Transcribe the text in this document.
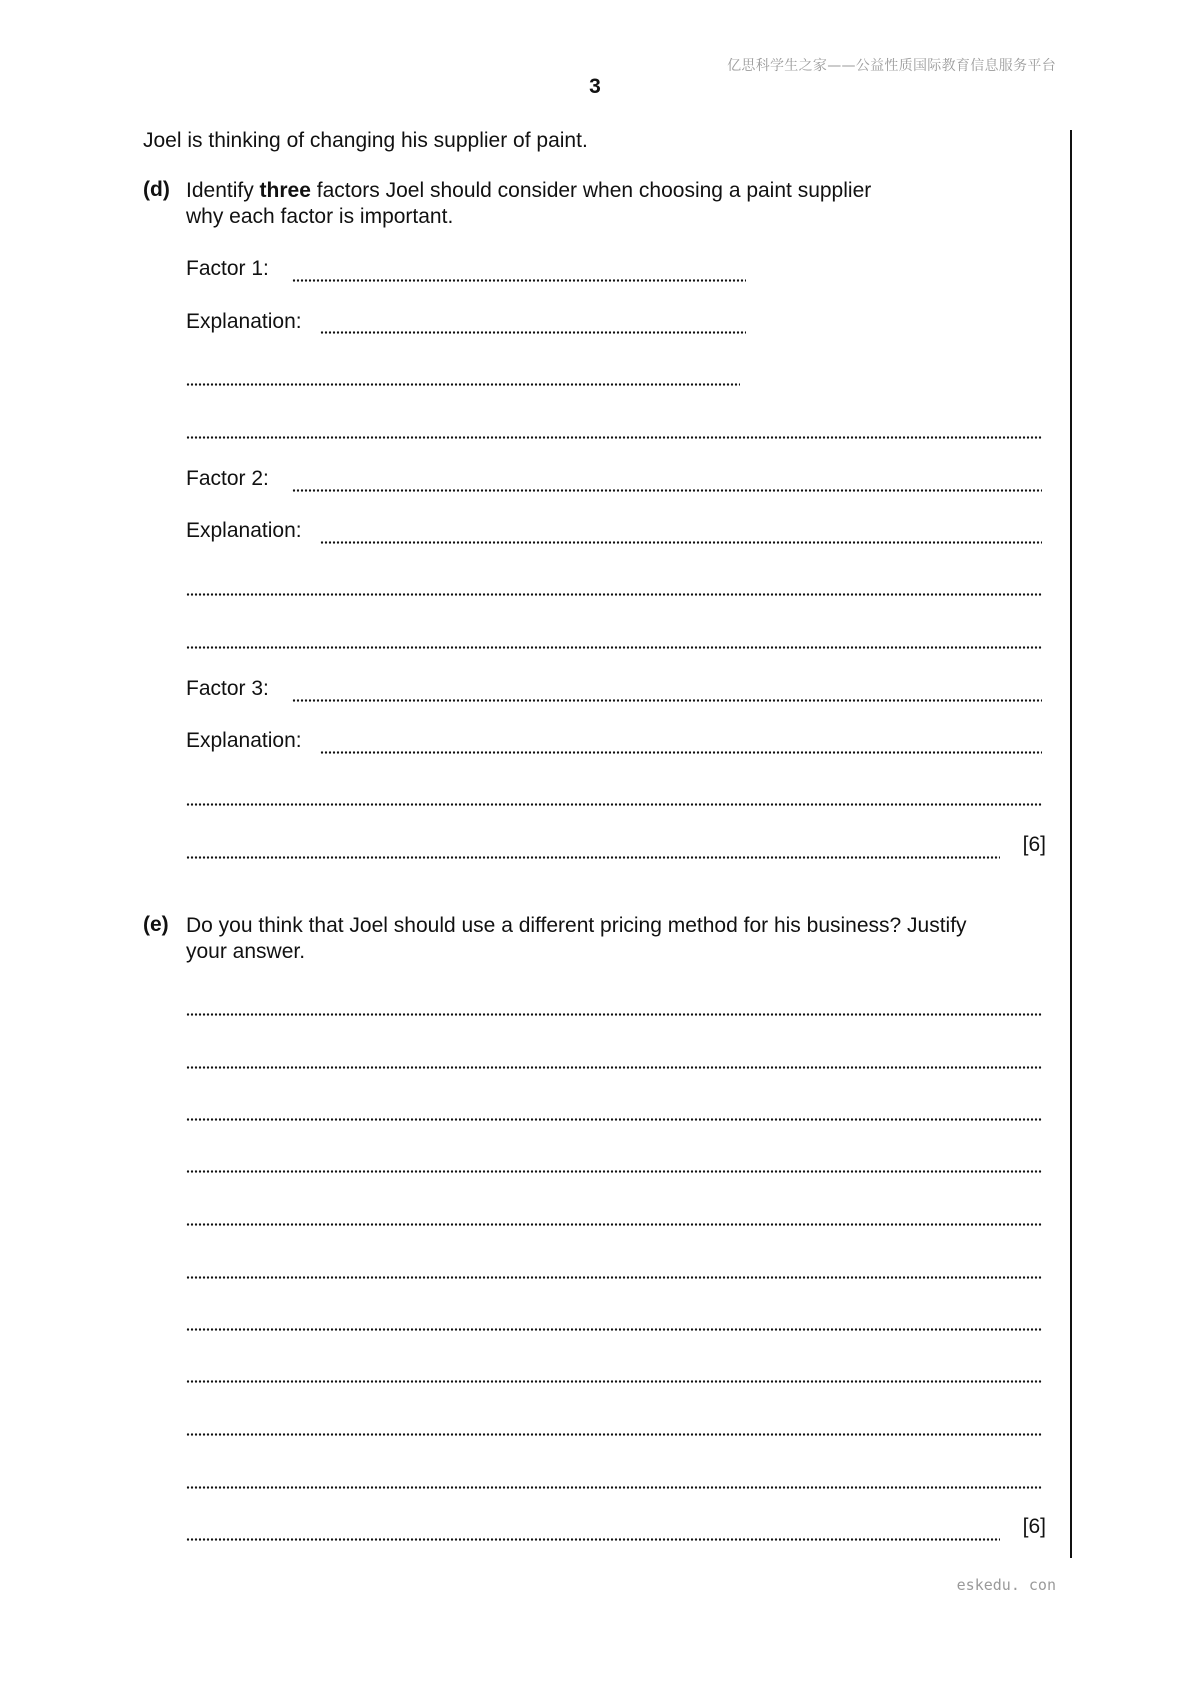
亿思科学生之家——公益性质国际教育信息服务平台
3
Joel is thinking of changing his supplier of paint.
(d) Identify three factors Joel should consider when choosing a paint supplier
why each factor is important.
Factor 1:
Explanation:
Factor 2:
Explanation:
Factor 3:
Explanation:
[6]
(e) Do you think that Joel should use a different pricing method for his business? Justify
your answer.
[6]
eskedu. con
